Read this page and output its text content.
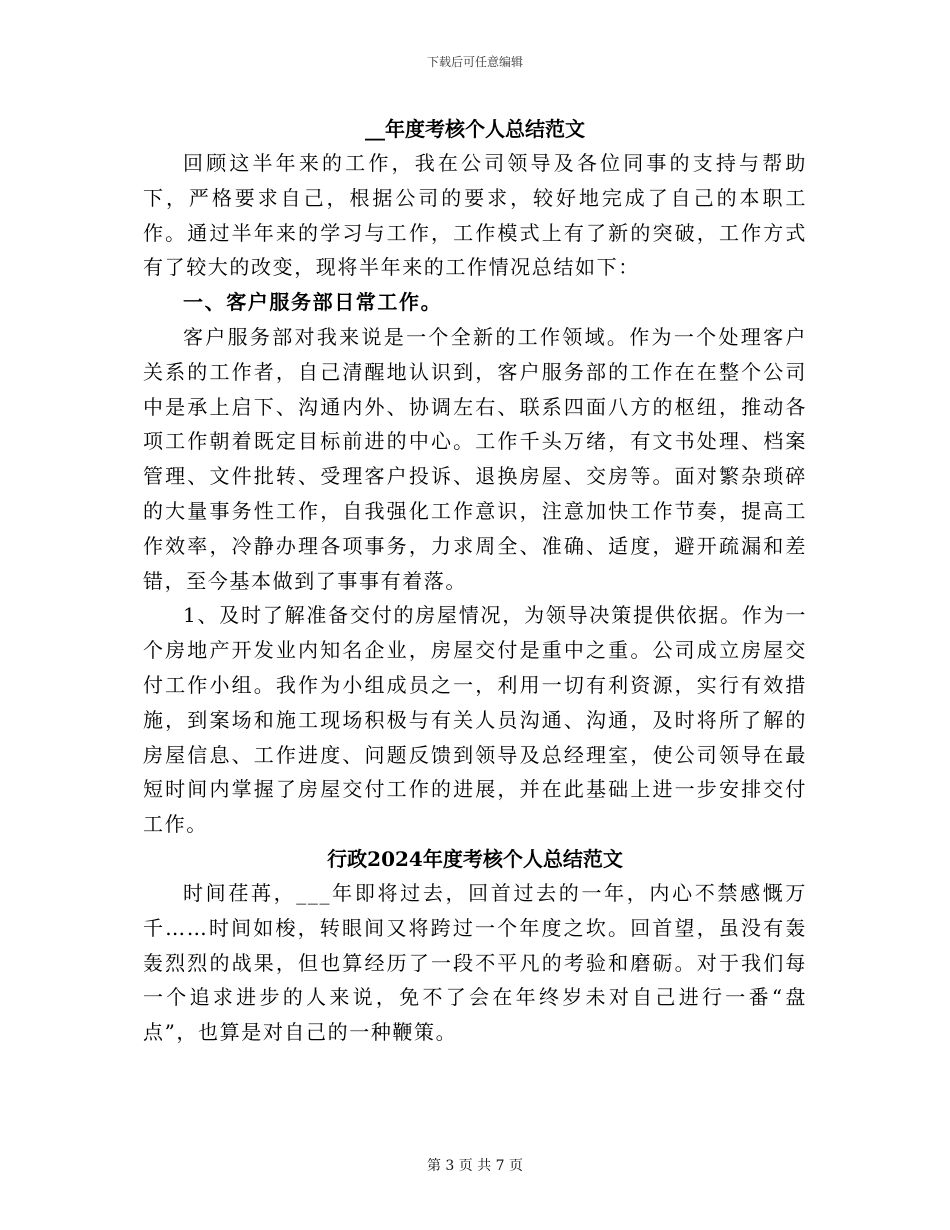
下载后可任意编辑
__年度考核个人总结范文

回顾这半年来的工作，我在公司领导及各位同事的支持与帮助下，严格要求自己，根据公司的要求，较好地完成了自己的本职工作。通过半年来的学习与工作，工作模式上有了新的突破，工作方式有了较大的改变，现将半年来的工作情况总结如下：

一、客户服务部日常工作。

客户服务部对我来说是一个全新的工作领域。作为一个处理客户关系的工作者，自己清醒地认识到，客户服务部的工作在在整个公司中是承上启下、沟通内外、协调左右、联系四面八方的枢纽，推动各项工作朝着既定目标前进的中心。工作千头万绪，有文书处理、档案管理、文件批转、受理客户投诉、退换房屋、交房等。面对繁杂琐碎的大量事务性工作，自我强化工作意识，注意加快工作节奏，提高工作效率，冷静办理各项事务，力求周全、准确、适度，避开疏漏和差错，至今基本做到了事事有着落。

1、及时了解准备交付的房屋情况，为领导决策提供依据。作为一个房地产开发业内知名企业，房屋交付是重中之重。公司成立房屋交付工作小组。我作为小组成员之一，利用一切有利资源，实行有效措施，到案场和施工现场积极与有关人员沟通、沟通，及时将所了解的房屋信息、工作进度、问题反馈到领导及总经理室，使公司领导在最短时间内掌握了房屋交付工作的进展，并在此基础上进一步安排交付工作。

行政2024年度考核个人总结范文

时间荏苒，___年即将过去，回首过去的一年，内心不禁感慨万千……时间如梭，转眼间又将跨过一个年度之坎。回首望，虽没有轰轰烈烈的战果，但也算经历了一段不平凡的考验和磨砺。对于我们每一个追求进步的人来说，免不了会在年终岁未对自己进行一番“盘点”，也算是对自己的一种鞭策。

第 3 页 共 7 页
